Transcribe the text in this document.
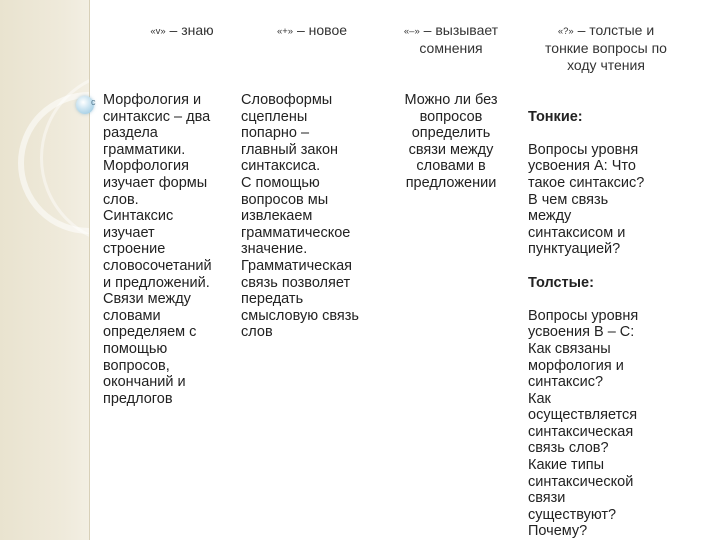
c
«v» – знаю
Морфология и
синтаксис – два
раздела
грамматики.
Морфология
изучает формы
слов.
Синтаксис
изучает
строение
словосочетаний
и предложений.
Связи между
словами
определяем с
помощью
вопросов,
окончаний и
предлогов
«+» – новое
Словоформы
сцеплены
попарно –
главный закон
синтаксиса.
С помощью
вопросов мы
извлекаем
грамматическое
значение.
Грамматическая
связь позволяет
передать
смысловую связь
слов
«–» – вызывает сомнения
Можно ли без
вопросов
определить
связи между
словами в
предложении
«?» – толстые и тонкие вопросы по ходу чтения

Тонкие:

Вопросы уровня
усвоения А: Что
такое синтаксис?
В чем связь
между
синтаксисом и
пунктуацией?

Толстые:

Вопросы уровня
усвоения В – С:
Как связаны
морфология и
синтаксис?
Как
осуществляется
синтаксическая
связь слов?
Какие типы
синтаксической
связи
существуют?
Почему?
